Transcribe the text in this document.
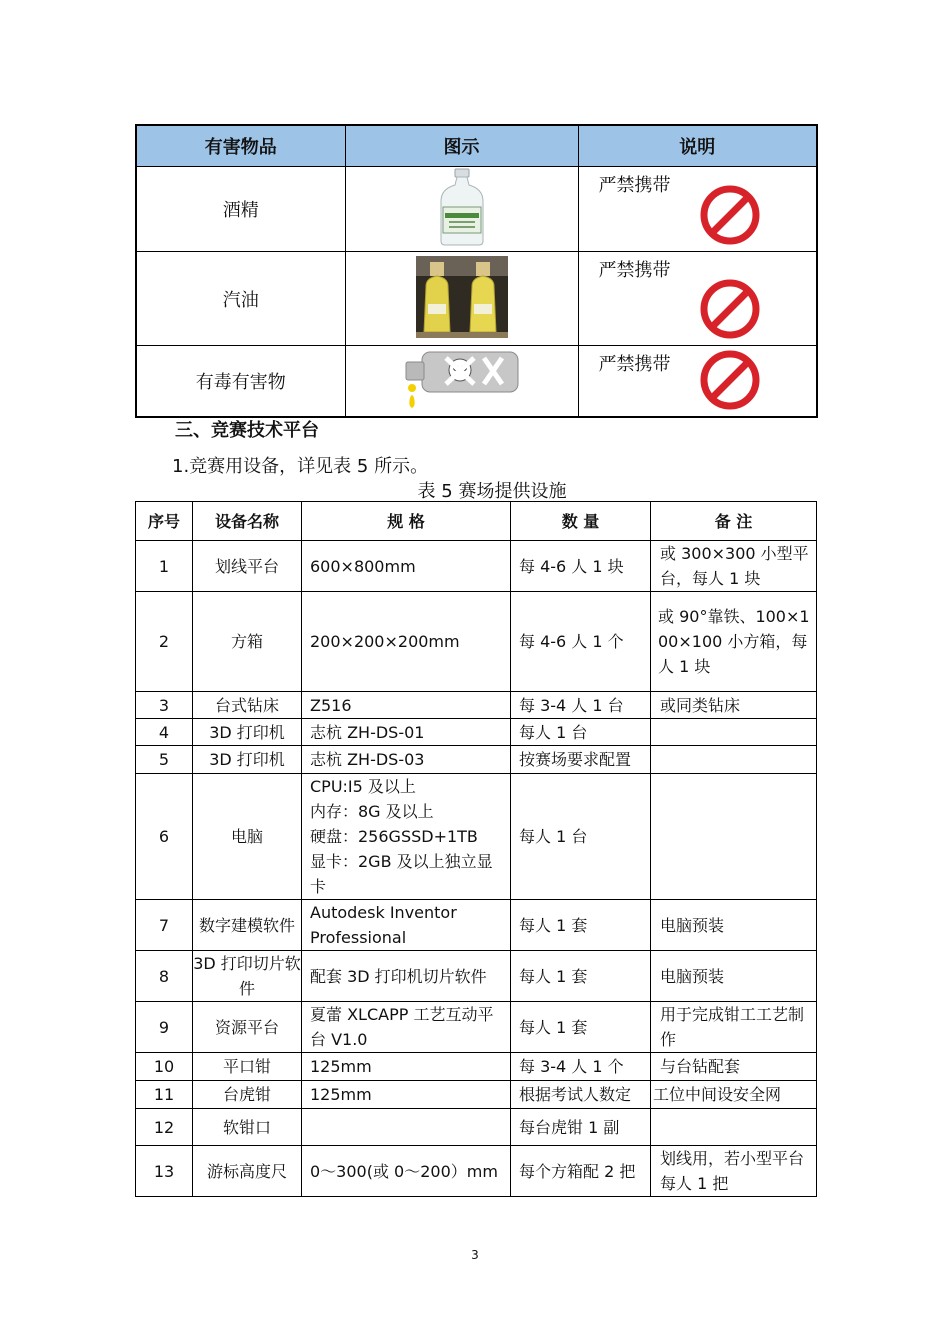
有害物品	图示	说明
酒精		严禁携带

汽油		严禁携带

有毒有害物		严禁携带
三、竞赛技术平台
1.竞赛用设备，详见表 5 所示。
表 5 赛场提供设施
序号	设备名称	规 格	数 量	备 注
1	划线平台	600×800mm	每 4-6 人 1 块	或 300×300 小型平台，每人 1 块
2	方箱	200×200×200mm	每 4-6 人 1 个	或 90°靠铁、100×100×100 小方箱，每人 1 块
3	台式钻床	Z516	每 3-4 人 1 台	或同类钻床
4	3D 打印机	志杭 ZH-DS-01	每人 1 台	
5	3D 打印机	志杭 ZH-DS-03	按赛场要求配置	
6	电脑	CPU:I5 及以上
内存：8G 及以上
硬盘：256GSSD+1TB
显卡：2GB 及以上独立显卡	每人 1 台	
7	数字建模软件	Autodesk Inventor Professional	每人 1 套	电脑预装
8	3D 打印切片软件	配套 3D 打印机切片软件	每人 1 套	电脑预装
9	资源平台	夏蕾 XLCAPP 工艺互动平台 V1.0	每人 1 套	用于完成钳工工艺制作
10	平口钳	125mm	每 3-4 人 1 个	与台钻配套
11	台虎钳	125mm	根据考试人数定	工位中间设安全网
12	软钳口		每台虎钳 1 副	
13	游标高度尺	0～300(或 0～200）mm	每个方箱配 2 把	划线用，若小型平台每人 1 把
3
